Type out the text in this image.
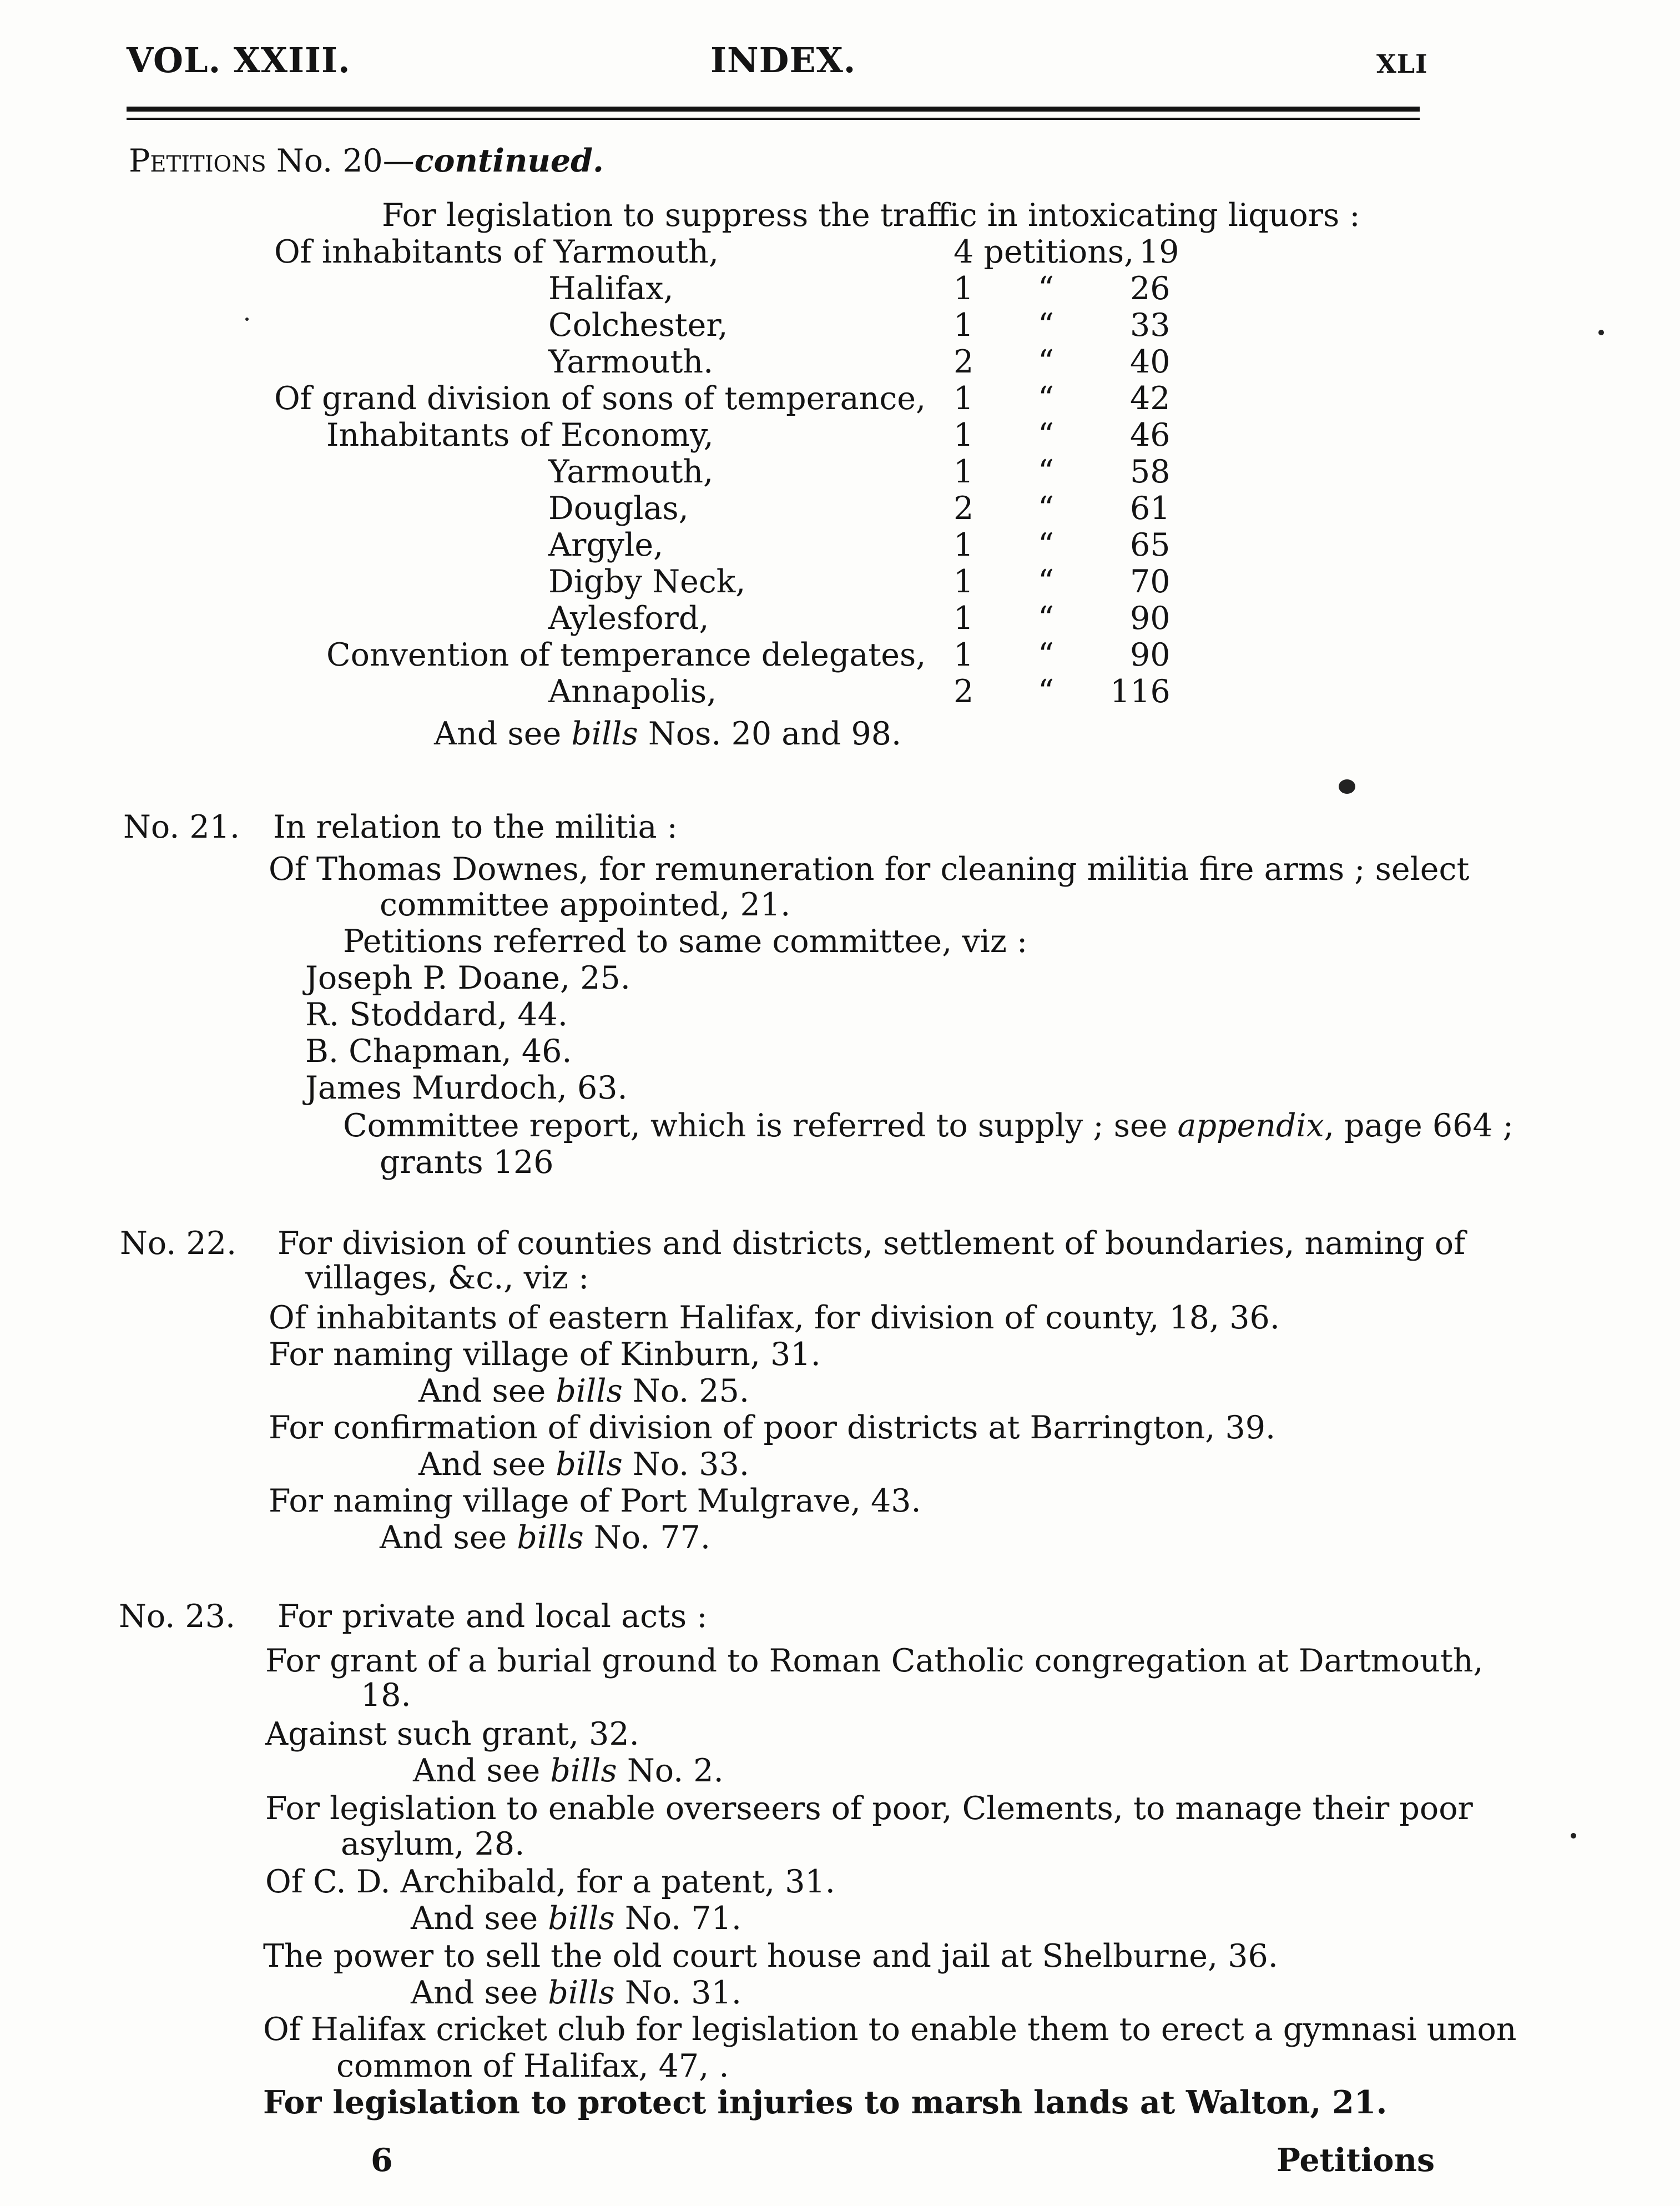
VOL. XXIII.	INDEX.	XLI
Petitions No. 20—continued.
For legislation to suppress the traffic in intoxicating liquors :
Of inhabitants of Yarmouth,	4 petitions, 19
Halifax,	1 “ 26
Colchester,	1 “ 33
Yarmouth.	2 “ 40
Of grand division of sons of temperance, 1 “ 42
Inhabitants of Economy,	1 “ 46
Yarmouth,	1 “ 58
Douglas,	2 “ 61
Argyle,	1 “ 65
Digby Neck,	1 “ 70
Aylesford,	1 “ 90
Convention of temperance delegates, 1 “ 90
Annapolis,	2 “ 116
And see bills Nos. 20 and 98.
No. 21. In relation to the militia :
Of Thomas Downes, for remuneration for cleaning militia fire arms ; select
committee appointed, 21.
Petitions referred to same committee, viz :
Joseph P. Doane, 25.
R. Stoddard, 44.
B. Chapman, 46.
James Murdoch, 63.
Committee report, which is referred to supply ; see appendix, page 664 ;
grants 126
No. 22. For division of counties and districts, settlement of boundaries, naming of
villages, &c., viz :
Of inhabitants of eastern Halifax, for division of county, 18, 36.
For naming village of Kinburn, 31.
And see bills No. 25.
For confirmation of division of poor districts at Barrington, 39.
And see bills No. 33.
For naming village of Port Mulgrave, 43.
And see bills No. 77.
No. 23. For private and local acts :
For grant of a burial ground to Roman Catholic congregation at Dartmouth,
18.
Against such grant, 32.
And see bills No. 2.
For legislation to enable overseers of poor, Clements, to manage their poor
asylum, 28.
Of C. D. Archibald, for a patent, 31.
And see bills No. 71.
The power to sell the old court house and jail at Shelburne, 36.
And see bills No. 31.
Of Halifax cricket club for legislation to enable them to erect a gymnasi umon
common of Halifax, 47, .
For legislation to protect injuries to marsh lands at Walton, 21.
6	Petitions
